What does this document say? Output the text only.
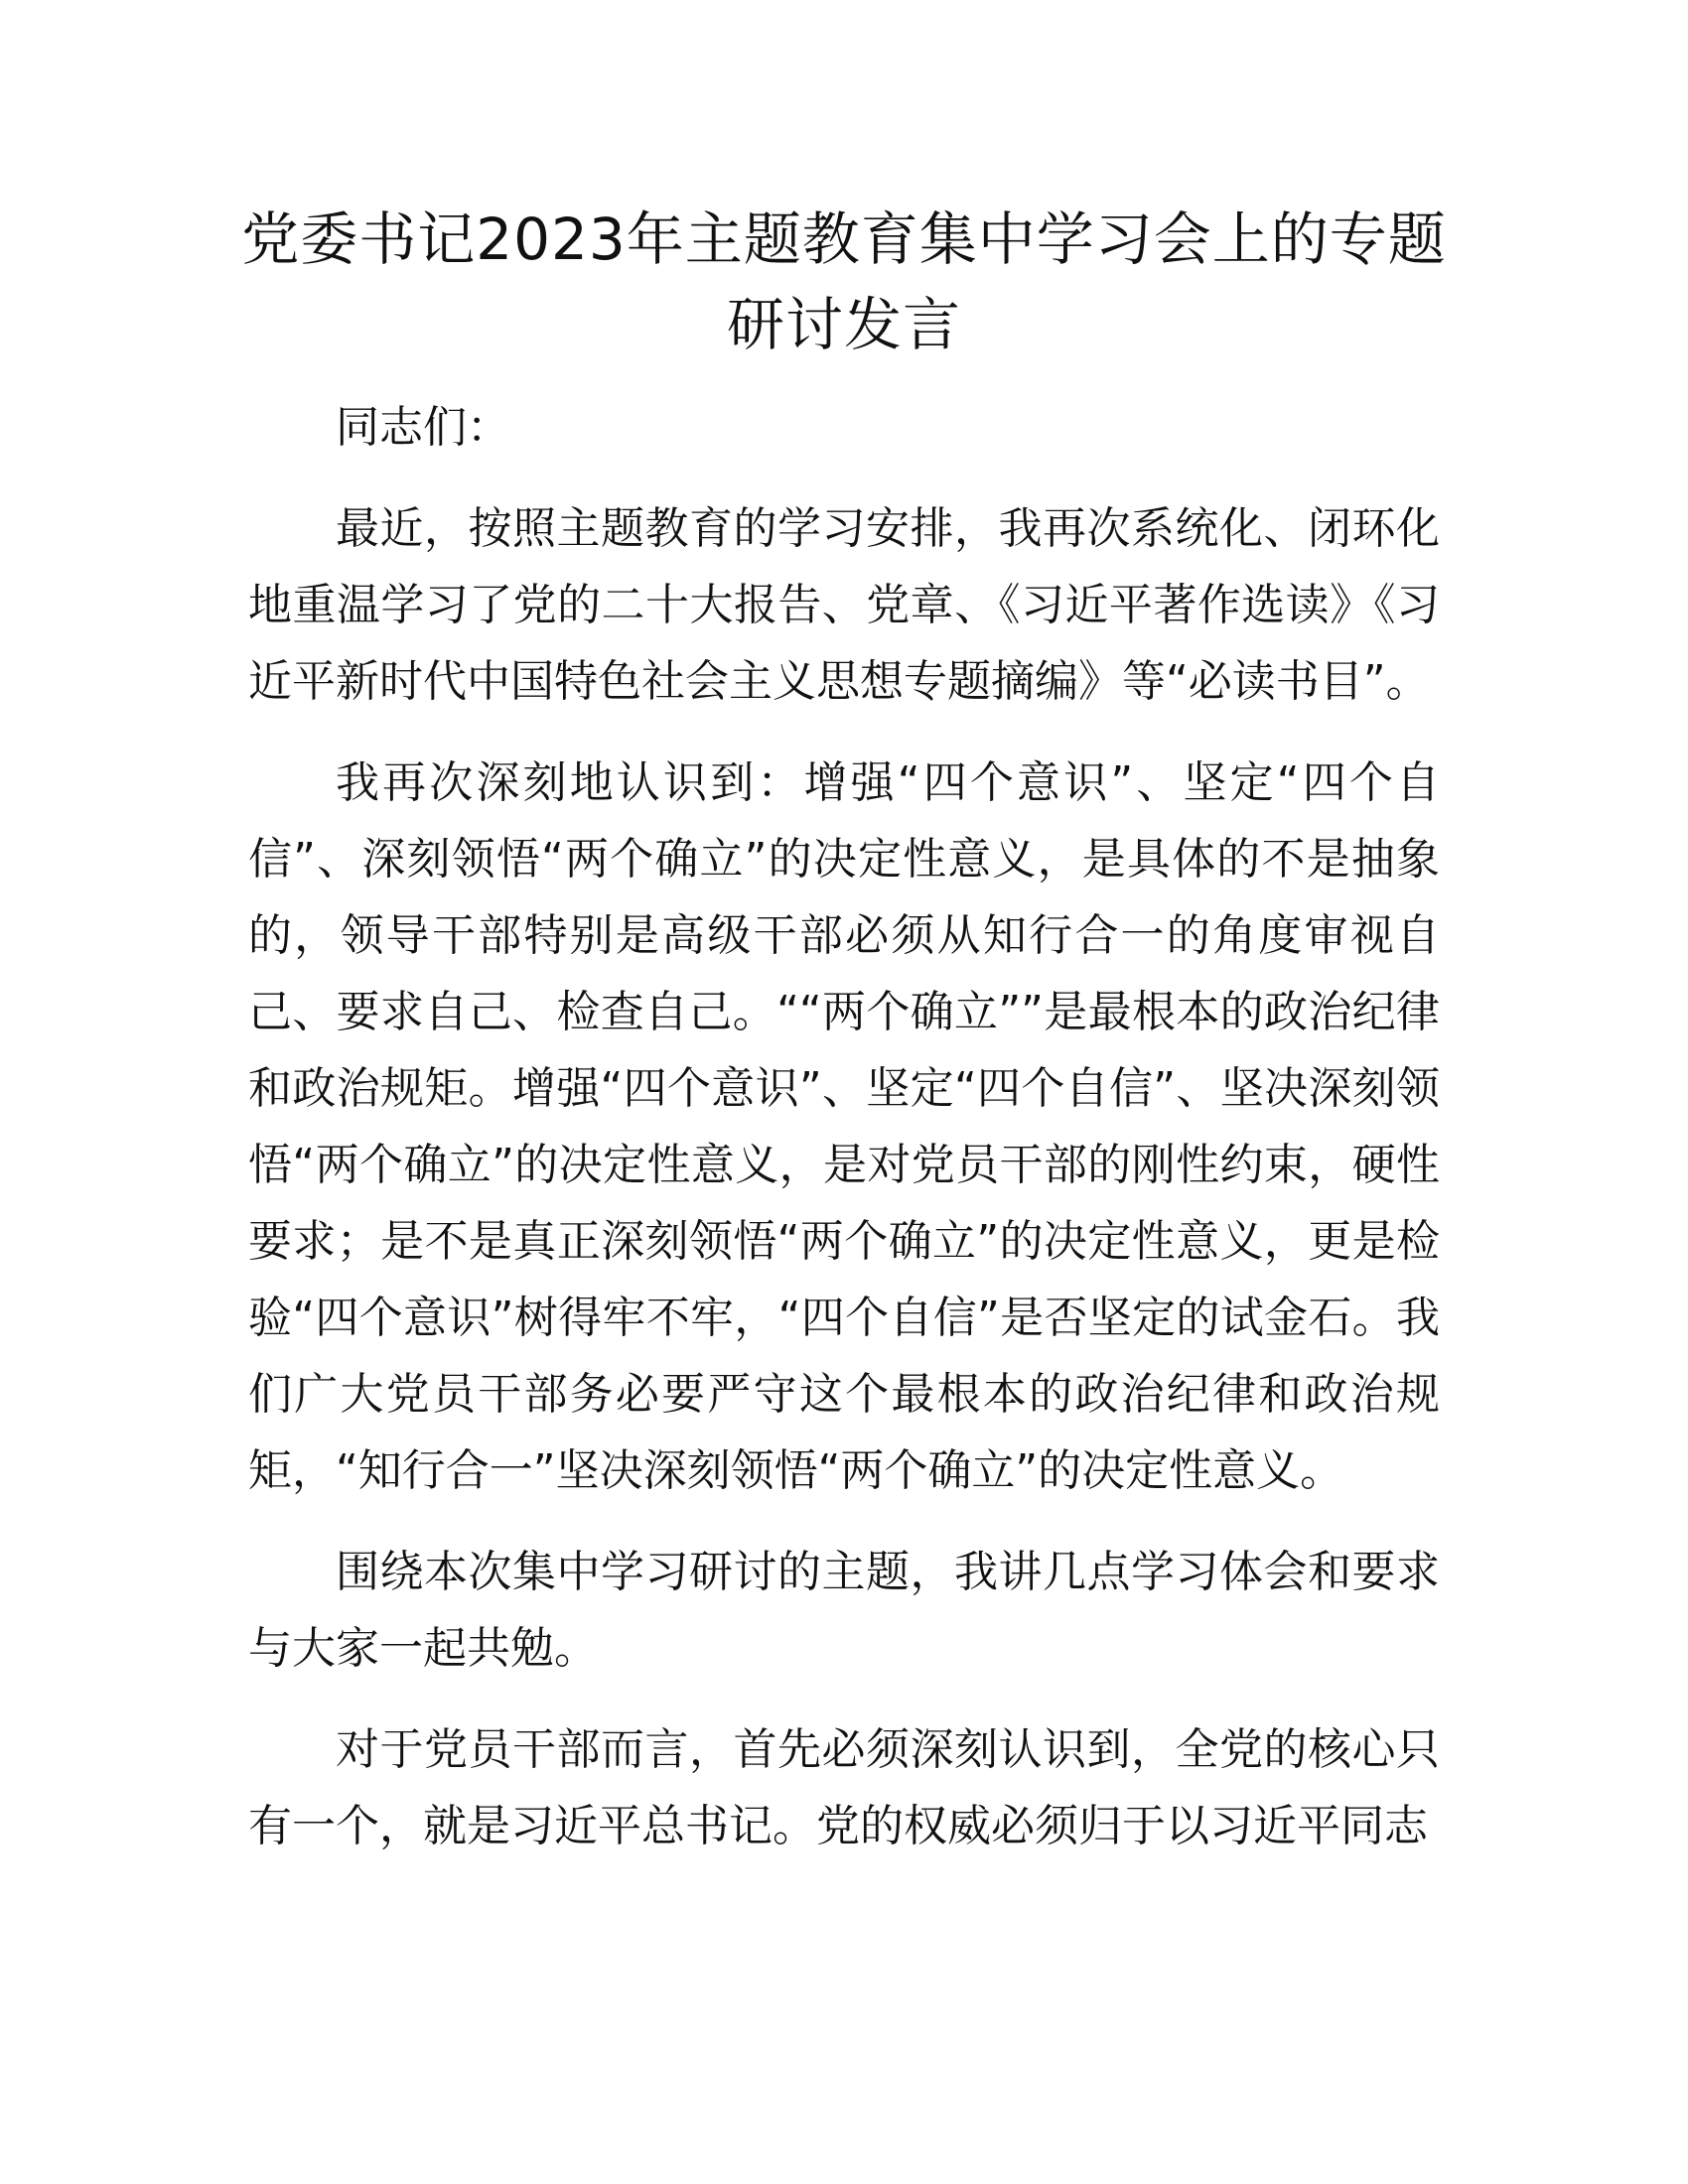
党委书记2023年主题教育集中学习会上的专题
研讨发言

同志们：

最近，按照主题教育的学习安排，我再次系统化、闭环化地重温学习了党的二十大报告、党章、《习近平著作选读》《习近平新时代中国特色社会主义思想专题摘编》等“必读书目”。

我再次深刻地认识到：增强“四个意识”、坚定“四个自信”、深刻领悟“两个确立”的决定性意义，是具体的不是抽象的，领导干部特别是高级干部必须从知行合一的角度审视自己、要求自己、检查自己。““两个确立””是最根本的政治纪律和政治规矩。增强“四个意识”、坚定“四个自信”、坚决深刻领悟“两个确立”的决定性意义，是对党员干部的刚性约束，硬性要求；是不是真正深刻领悟“两个确立”的决定性意义，更是检验“四个意识”树得牢不牢，“四个自信”是否坚定的试金石。我们广大党员干部务必要严守这个最根本的政治纪律和政治规矩，“知行合一”坚决深刻领悟“两个确立”的决定性意义。

围绕本次集中学习研讨的主题，我讲几点学习体会和要求与大家一起共勉。

对于党员干部而言，首先必须深刻认识到，全党的核心只有一个，就是习近平总书记。党的权威必须归于以习近平同志
